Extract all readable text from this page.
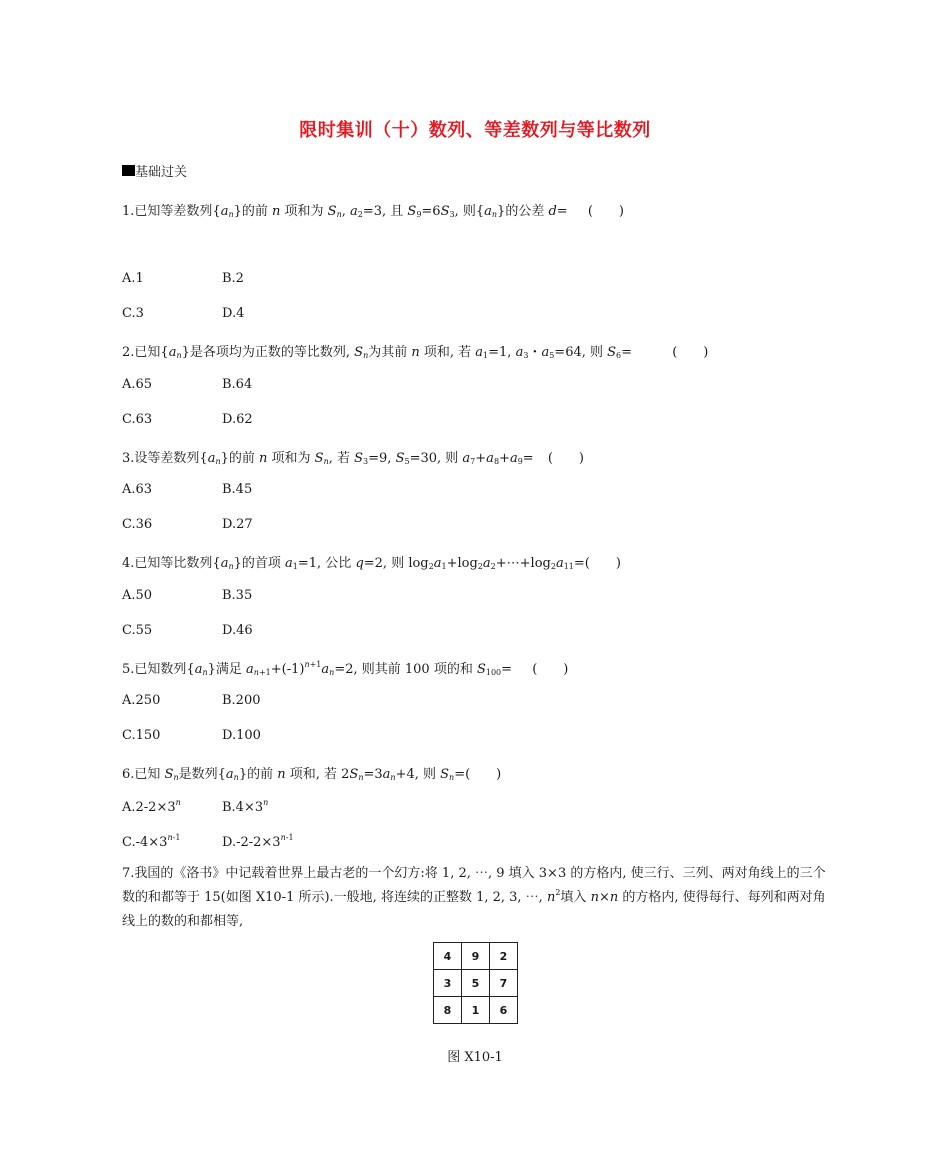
限时集训（十）数列、等差数列与等比数列
基础过关
1.已知等差数列$\{a_n\}$的前 n 项和为 $S_n$, $a_2=3$, 且 $S_9=6S_3$, 则$\{a_n\}$的公差 d= (　　)
A.1	B.2
C.3	D.4
2.已知$\{a_n\}$是各项均为正数的等比数列, $S_n$为其前 n 项和, 若 $a_1=1$, $a_3$・$a_5=64$, 则 $S_6=$	(　　)
A.65	B.64
C.63	D.62
3.设等差数列$\{a_n\}$的前 n 项和为 $S_n$, 若 $S_3=9$, $S_5=30$, 则 $a_7+a_8+a_9=$ (　　)
A.63	B.45
C.36	D.27
4.已知等比数列$\{a_n\}$的首项 $a_1=1$, 公比 q=2, 则 $\log_2a_1+\log_2a_2+\cdots+\log_2a_{11}=$(　　)
A.50	B.35
C.55	D.46
5.已知数列$\{a_n\}$满足 $a_{n+1}+(-1)^{n+1}a_n=2$, 则其前 100 项的和 $S_{100}=$ (　　)
A.250	B.200
C.150	D.100
6.已知 $S_n$是数列$\{a_n\}$的前 n 项和, 若 $2S_n=3a_n+4$, 则 $S_n=$(　　)
$A.2-2\times 3^n$	$B.4\times 3^n$
$C.-4\times 3^{n-1}$	$D.-2-2\times 3^{n-1}$
7.我国的《洛书》中记载着世界上最古老的一个幻方:将 1, 2, ⋯, 9 填入 3×3 的方格内, 使三行、三列、两对角线上的三个数的和都等于 15(如图 X10-1 所示).一般地, 将连续的正整数 1, 2, 3, ⋯, $n^2$填入 n×n 的方格内, 使得每行、每列和两对角线上的数的和都相等,
4	9	2
3	5	7
8	1	6
图 X10-1
